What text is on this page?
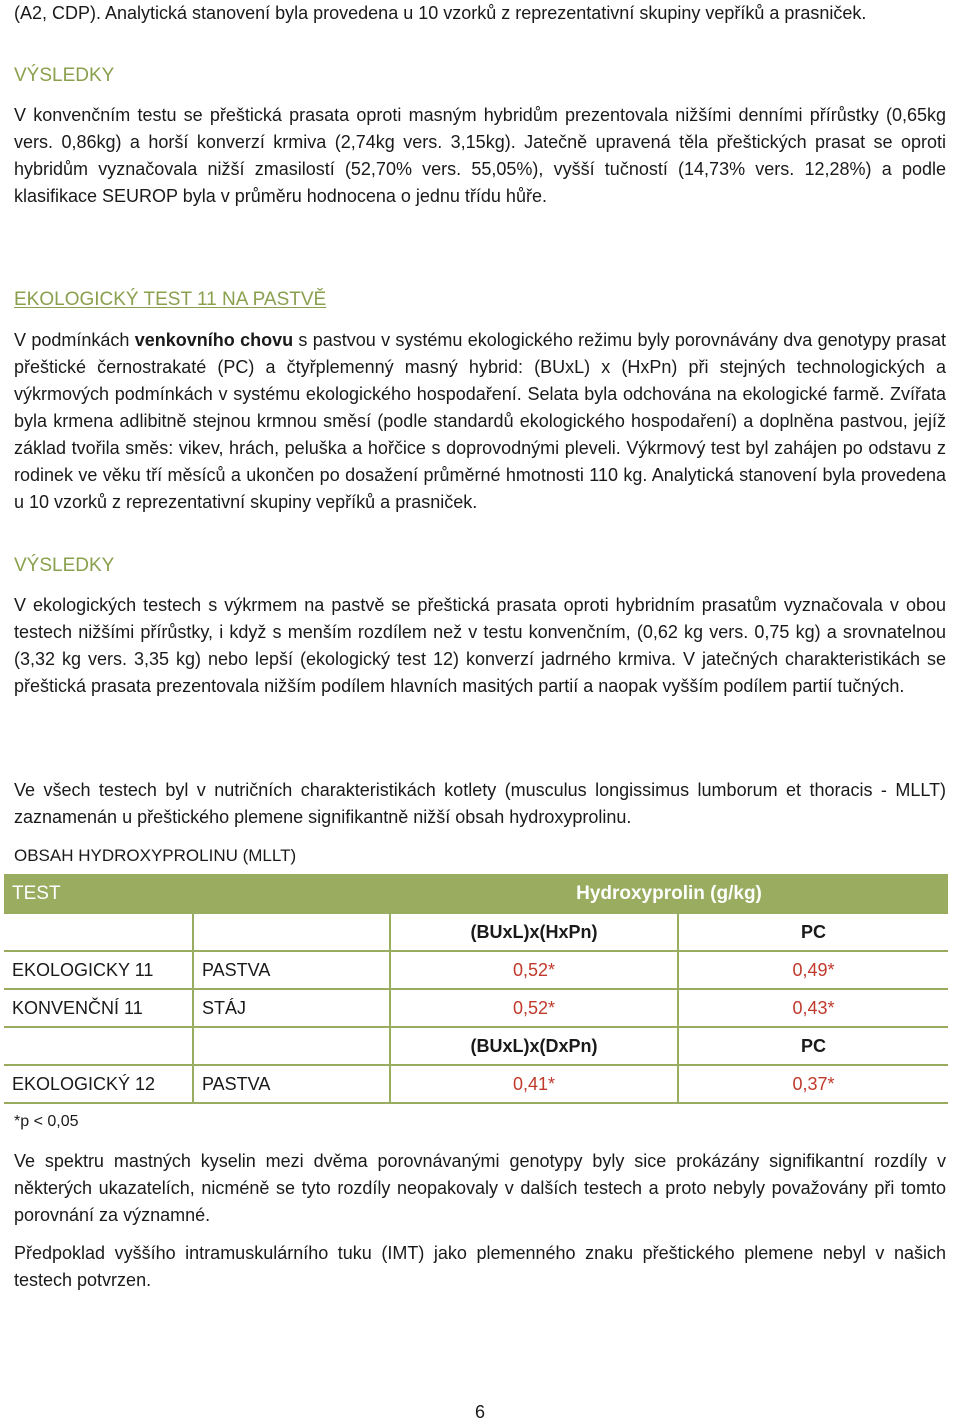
(A2, CDP). Analytická stanovení byla provedena u 10 vzorků z reprezentativní skupiny vepříků a prasniček.

VÝSLEDKY

V konvenčním testu se přeštická prasata oproti masným hybridům prezentovala nižšími denními přírůstky (0,65kg vers. 0,86kg) a horší konverzí krmiva (2,74kg vers. 3,15kg). Jatečně upravená těla přeštických prasat se oproti hybridům vyznačovala nižší zmasilostí (52,70% vers. 55,05%), vyšší tučností (14,73% vers. 12,28%) a podle klasifikace SEUROP byla v průměru hodnocena o jednu třídu hůře.

EKOLOGICKÝ TEST 11 NA PASTVĚ

V podmínkách venkovního chovu s pastvou v systému ekologického režimu byly porovnávány dva genotypy prasat přeštické černostrakaté (PC) a čtyřplemenný masný hybrid: (BUxL) x (HxPn) při stejných technologických a výkrmových podmínkách v systému ekologického hospodaření. Selata byla odchována na ekologické farmě. Zvířata byla krmena adlibitně stejnou krmnou směsí (podle standardů ekologického hospodaření) a doplněna pastvou, jejíž základ tvořila směs: vikev, hrách, peluška a hořčice s doprovodnými pleveli. Výkrmový test byl zahájen po odstavu z rodinek ve věku tří měsíců a ukončen po dosažení průměrné hmotnosti 110 kg. Analytická stanovení byla provedena u 10 vzorků z reprezentativní skupiny vepříků a prasniček.

VÝSLEDKY

V ekologických testech s výkrmem na pastvě se přeštická prasata oproti hybridním prasatům vyznačovala v obou testech nižšími přírůstky, i když s menším rozdílem než v testu konvenčním, (0,62 kg vers. 0,75 kg) a srovnatelnou (3,32 kg vers. 3,35 kg) nebo lepší (ekologický test 12) konverzí jadrného krmiva. V jatečných charakteristikách se přeštická prasata prezentovala nižším podílem hlavních masitých partií a naopak vyšším podílem partií tučných.

Ve všech testech byl v nutričních charakteristikách kotlety (musculus longissimus lumborum et thoracis - MLLT) zaznamenán u přeštického plemene signifikantně nižší obsah hydroxyprolinu.

OBSAH HYDROXYPROLINU (MLLT)
TEST		Hydroxyprolin (g/kg)	
		(BUxL)x(HxPn)	PC
EKOLOGICKY 11	PASTVA	0,52*	0,49*
KONVENČNÍ 11	STÁJ	0,52*	0,43*
		(BUxL)x(DxPn)	PC
EKOLOGICKÝ 12	PASTVA	0,41*	0,37*
*p < 0,05

Ve spektru mastných kyselin mezi dvěma porovnávanými genotypy byly sice prokázány signifikantní rozdíly v některých ukazatelích, nicméně se tyto rozdíly neopakovaly v dalších testech a proto nebyly považovány při tomto porovnání za významné.

Předpoklad vyššího intramuskulárního tuku (IMT) jako plemenného znaku přeštického plemene nebyl v našich testech potvrzen.

6
